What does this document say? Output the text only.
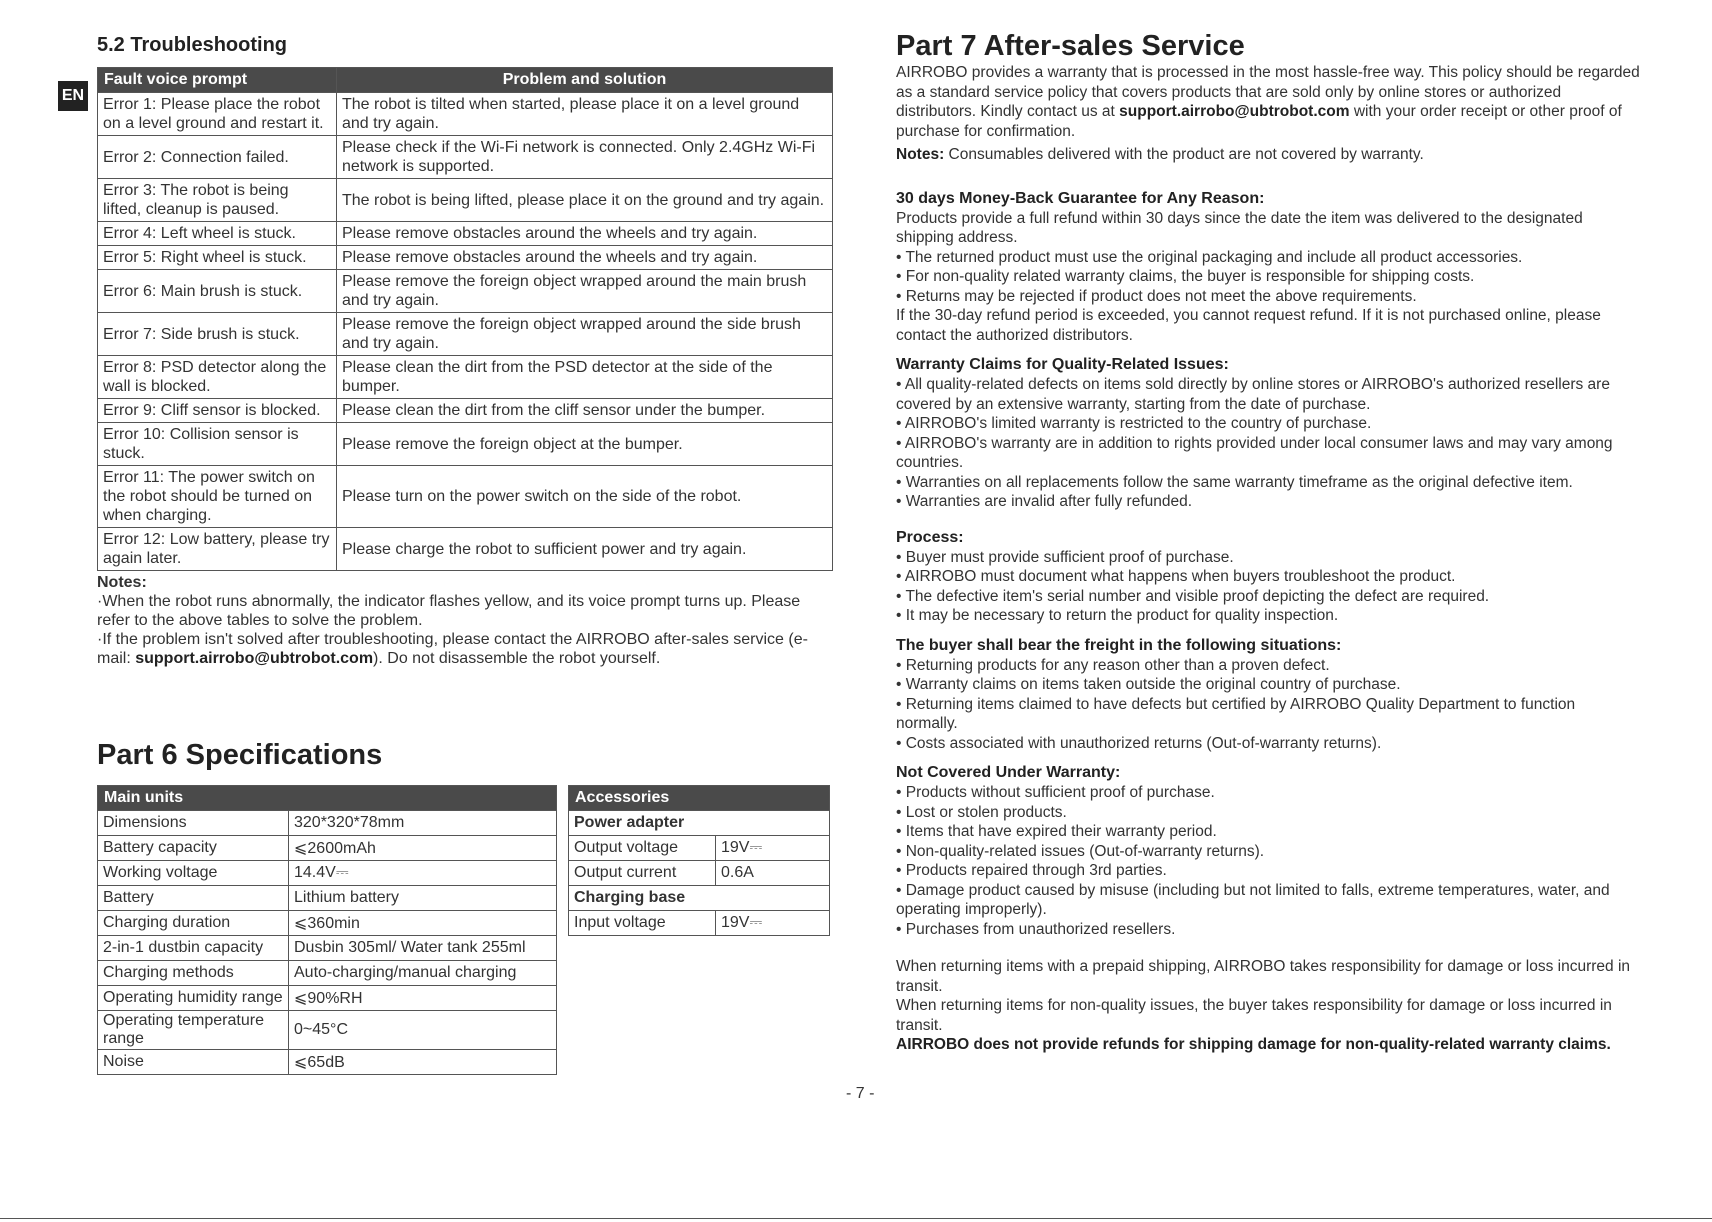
EN
5.2 Troubleshooting
Fault voice prompt	Problem and solution
Error 1: Please place the robot on a level ground and restart it.	The robot is tilted when started, please place it on a level ground and try again.
Error 2: Connection failed.	Please check if the Wi-Fi network is connected. Only 2.4GHz Wi-Fi network is supported.
Error 3: The robot is being lifted, cleanup is paused.	The robot is being lifted, please place it on the ground and try again.
Error 4: Left wheel is stuck.	Please remove obstacles around the wheels and try again.
Error 5: Right wheel is stuck.	Please remove obstacles around the wheels and try again.
Error 6: Main brush is stuck.	Please remove the foreign object wrapped around the main brush and try again.
Error 7: Side brush is stuck.	Please remove the foreign object wrapped around the side brush and try again.
Error 8: PSD detector along the wall is blocked.	Please clean the dirt from the PSD detector at the side of the bumper.
Error 9: Cliff sensor is blocked.	Please clean the dirt from the cliff sensor under the bumper.
Error 10: Collision sensor is stuck.	Please remove the foreign object at the bumper.
Error 11: The power switch on the robot should be turned on when charging.	Please turn on the power switch on the side of the robot.
Error 12: Low battery, please try again later.	Please charge the robot to sufficient power and try again.
Notes:
·When the robot runs abnormally, the indicator flashes yellow, and its voice prompt turns up. Please refer to the above tables to solve the problem.
·If the problem isn't solved after troubleshooting, please contact the AIRROBO after-sales service (e-mail: support.airrobo@ubtrobot.com). Do not disassemble the robot yourself.
Part 6 Specifications
Main units	
Dimensions	320*320*78mm
Battery capacity	⩽2600mAh
Working voltage	14.4V⎓
Battery	Lithium battery
Charging duration	⩽360min
2-in-1 dustbin capacity	Dusbin 305ml/ Water tank 255ml
Charging methods	Auto-charging/manual charging
Operating humidity range	⩽90%RH
Operating temperature range	0~45°C
Noise	⩽65dB
Accessories	
Power adapter	
Output voltage	19V⎓
Output current	0.6A
Charging base	
Input voltage	19V⎓
Part 7 After-sales Service

AIRROBO provides a warranty that is processed in the most hassle-free way. This policy should be regarded as a standard service policy that covers products that are sold only by online stores or authorized distributors. Kindly contact us at support.airrobo@ubtrobot.com with your order receipt or other proof of purchase for confirmation.

Notes: Consumables delivered with the product are not covered by warranty.

30 days Money-Back Guarantee for Any Reason:

Products provide a full refund within 30 days since the date the item was delivered to the designated shipping address.

• The returned product must use the original packaging and include all product accessories.

• For non-quality related warranty claims, the buyer is responsible for shipping costs.

• Returns may be rejected if product does not meet the above requirements.

If the 30-day refund period is exceeded, you cannot request refund. If it is not purchased online, please contact the authorized distributors.

Warranty Claims for Quality-Related Issues:

• All quality-related defects on items sold directly by online stores or AIRROBO's authorized resellers are covered by an extensive warranty, starting from the date of purchase.

• AIRROBO's limited warranty is restricted to the country of purchase.

• AIRROBO's warranty are in addition to rights provided under local consumer laws and may vary among countries.

• Warranties on all replacements follow the same warranty timeframe as the original defective item.

• Warranties are invalid after fully refunded.

Process:

• Buyer must provide sufficient proof of purchase.

• AIRROBO must document what happens when buyers troubleshoot the product.

• The defective item's serial number and visible proof depicting the defect are required.

• It may be necessary to return the product for quality inspection.

The buyer shall bear the freight in the following situations:

• Returning products for any reason other than a proven defect.

• Warranty claims on items taken outside the original country of purchase.

• Returning items claimed to have defects but certified by AIRROBO Quality Department to function normally.

• Costs associated with unauthorized returns (Out-of-warranty returns).

Not Covered Under Warranty:

• Products without sufficient proof of purchase.

• Lost or stolen products.

• Items that have expired their warranty period.

• Non-quality-related issues (Out-of-warranty returns).

• Products repaired through 3rd parties.

• Damage product caused by misuse (including but not limited to falls, extreme temperatures, water, and operating improperly).

• Purchases from unauthorized resellers.

When returning items with a prepaid shipping, AIRROBO takes responsibility for damage or loss incurred in transit.

When returning items for non-quality issues, the buyer takes responsibility for damage or loss incurred in transit.

AIRROBO does not provide refunds for shipping damage for non-quality-related warranty claims.

- 7 -
